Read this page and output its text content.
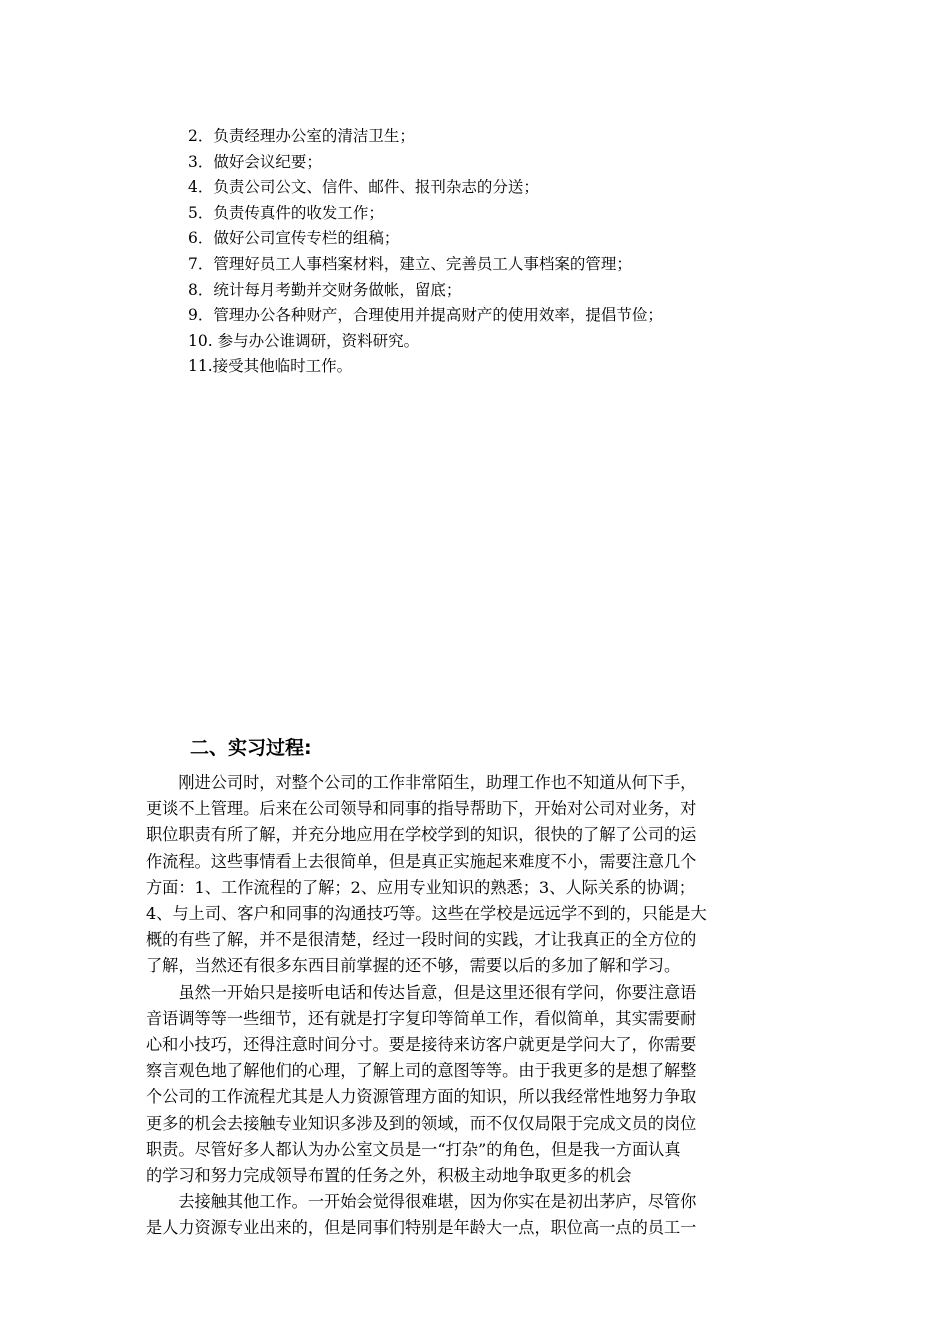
2．负责经理办公室的清洁卫生；
3．做好会议纪要；
4．负责公司公文、信件、邮件、报刊杂志的分送；
5．负责传真件的收发工作；
6．做好公司宣传专栏的组稿；
7．管理好员工人事档案材料，建立、完善员工人事档案的管理；
8．统计每月考勤并交财务做帐，留底；
9．管理办公各种财产，合理使用并提高财产的使用效率，提倡节俭；
10. 参与办公谁调研，资料研究。
11.接受其他临时工作。
二、实习过程:

　　刚进公司时，对整个公司的工作非常陌生，助理工作也不知道从何下手，
更谈不上管理。后来在公司领导和同事的指导帮助下，开始对公司对业务，对
职位职责有所了解，并充分地应用在学校学到的知识，很快的了解了公司的运
作流程。这些事情看上去很简单，但是真正实施起来难度不小，需要注意几个
方面：1、工作流程的了解；2、应用专业知识的熟悉；3、人际关系的协调；
4、与上司、客户和同事的沟通技巧等。这些在学校是远远学不到的，只能是大
概的有些了解，并不是很清楚，经过一段时间的实践，才让我真正的全方位的
了解，当然还有很多东西目前掌握的还不够，需要以后的多加了解和学习。

　　虽然一开始只是接听电话和传达旨意，但是这里还很有学问，你要注意语
音语调等等一些细节，还有就是打字复印等简单工作，看似简单，其实需要耐
心和小技巧，还得注意时间分寸。要是接待来访客户就更是学问大了，你需要
察言观色地了解他们的心理，了解上司的意图等等。由于我更多的是想了解整
个公司的工作流程尤其是人力资源管理方面的知识，所以我经常性地努力争取
更多的机会去接触专业知识多涉及到的领域，而不仅仅局限于完成文员的岗位
职责。尽管好多人都认为办公室文员是一“打杂”的角色，但是我一方面认真
的学习和努力完成领导布置的任务之外，积极主动地争取更多的机会

　　去接触其他工作。一开始会觉得很难堪，因为你实在是初出茅庐，尽管你
是人力资源专业出来的，但是同事们特别是年龄大一点，职位高一点的员工一
